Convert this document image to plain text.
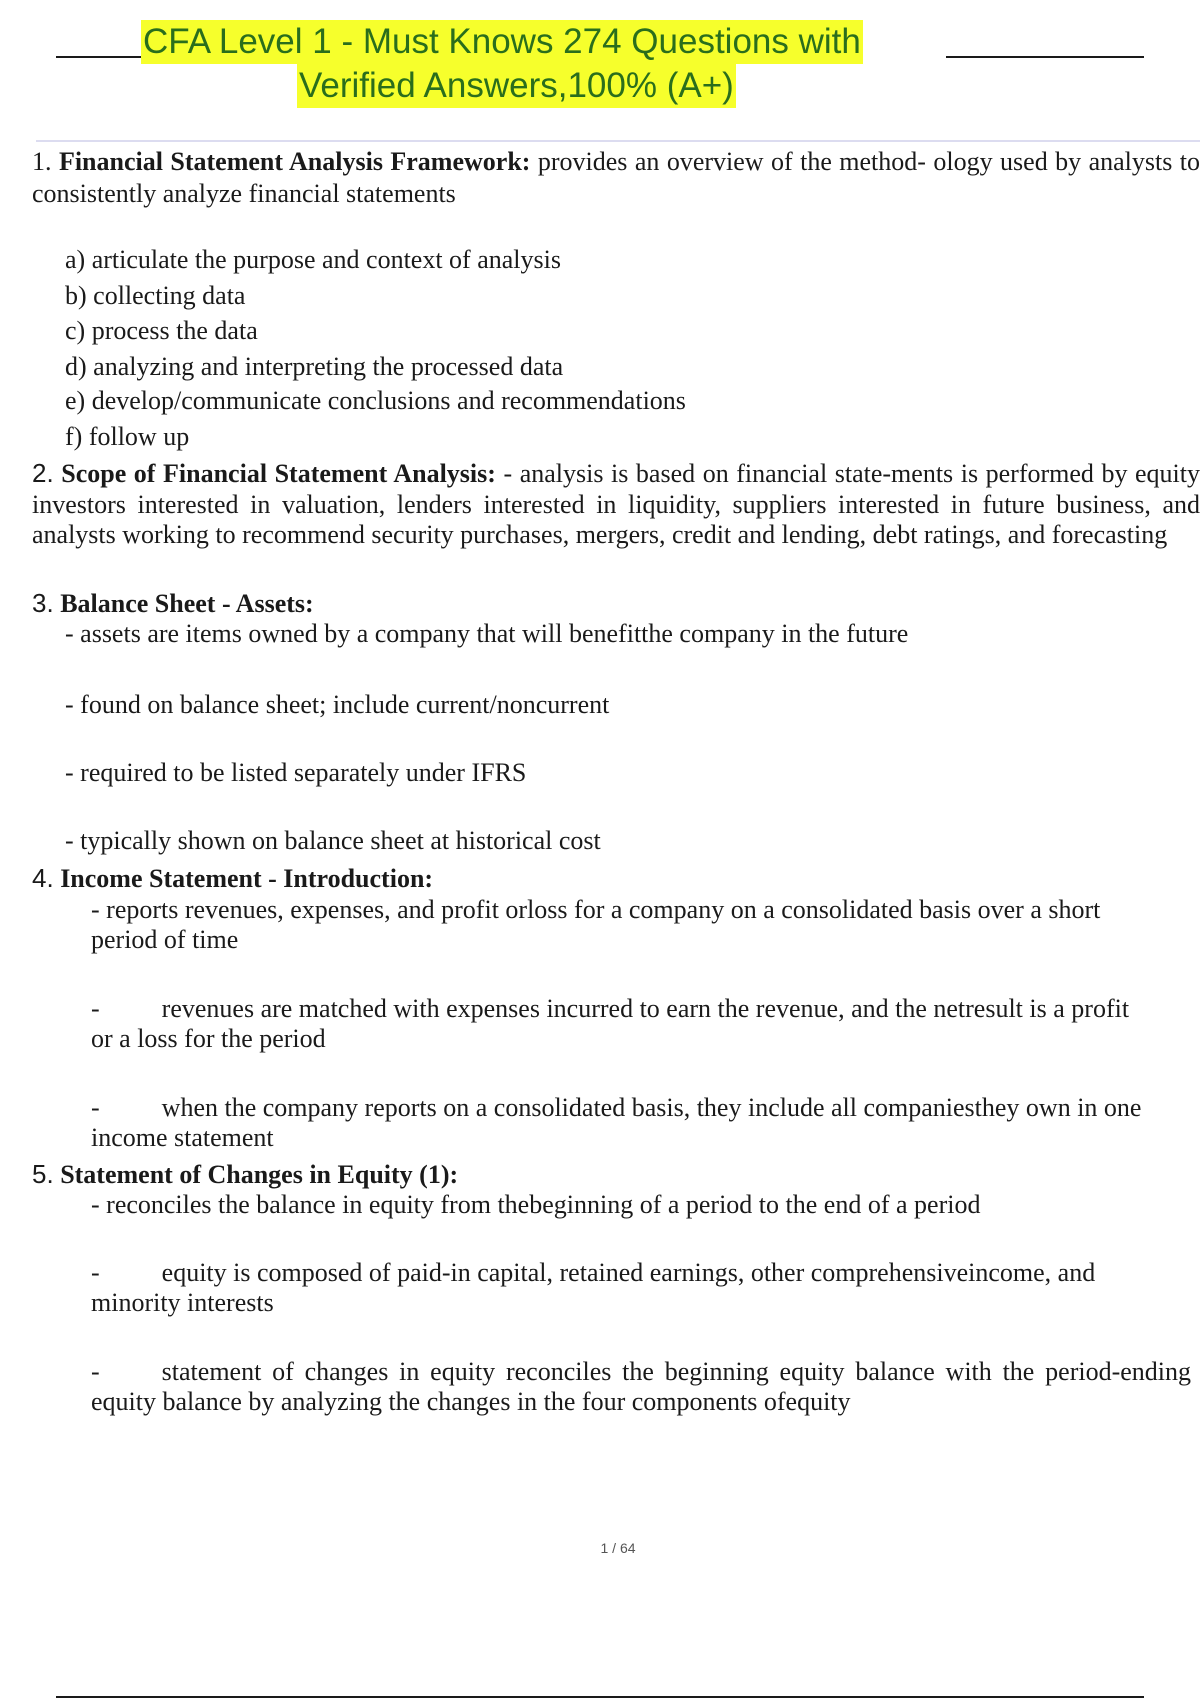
CFA Level 1 - Must Knows 274 Questions with
Verified Answers,100% (A+)
1. Financial Statement Analysis Framework: provides an overview of the method- ology used by analysts to consistently analyze financial statements
a) articulate the purpose and context of analysis
b) collecting data
c) process the data
d) analyzing and interpreting the processed data
e) develop/communicate conclusions and recommendations
f) follow up
2. Scope of Financial Statement Analysis: - analysis is based on financial state-ments is performed by equity investors interested in valuation, lenders interested in liquidity, suppliers interested in future business, and analysts working to recommend security purchases, mergers, credit and lending, debt ratings, and forecasting
3. Balance Sheet - Assets:
- assets are items owned by a company that will benefitthe company in the future
- found on balance sheet; include current/noncurrent
- required to be listed separately under IFRS
- typically shown on balance sheet at historical cost
4. Income Statement - Introduction:
- reports revenues, expenses, and profit orloss for a company on a consolidated basis over a short period of time
- revenues are matched with expenses incurred to earn the revenue, and the netresult is a profit or a loss for the period
- when the company reports on a consolidated basis, they include all companiesthey own in one income statement
5. Statement of Changes in Equity (1):
- reconciles the balance in equity from thebeginning of a period to the end of a period
- equity is composed of paid-in capital, retained earnings, other comprehensiveincome, and minority interests
- statement of changes in equity reconciles the beginning equity balance with the period-ending equity balance by analyzing the changes in the four components ofequity
1 / 64
